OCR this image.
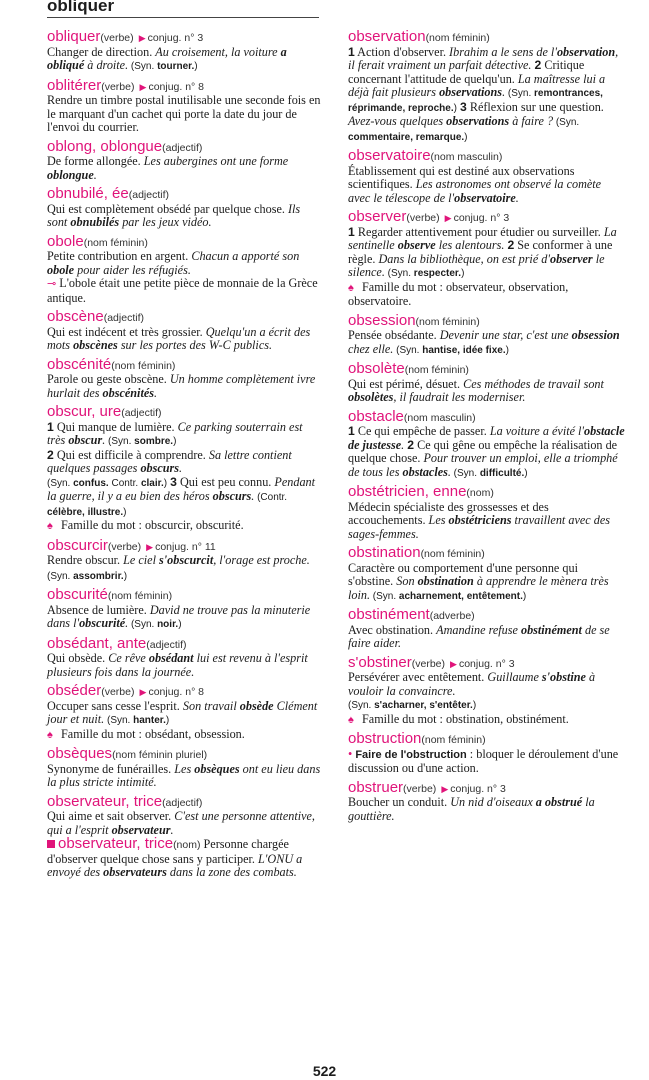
obliquer
obliquer(verbe) ▶ conjug. n° 3
Changer de direction. Au croisement, la voiture a obliqué à droite. (Syn. tourner.)
oblitérer(verbe) ▶ conjug. n° 8
Rendre un timbre postal inutilisable une seconde fois en le marquant d'un cachet qui porte la date du jour de l'envoi du courrier.
oblong, oblongue(adjectif)
De forme allongée. Les aubergines ont une forme oblongue.
obnubilé, ée(adjectif)
Qui est complètement obsédé par quelque chose. Ils sont obnubilés par les jeux vidéo.
obole(nom féminin)
Petite contribution en argent. Chacun a apporté son obole pour aider les réfugiés.
⊸ L'obole était une petite pièce de monnaie de la Grèce antique.
obscène(adjectif)
Qui est indécent et très grossier. Quelqu'un a écrit des mots obscènes sur les portes des W-C publics.
obscénité(nom féminin)
Parole ou geste obscène. Un homme complètement ivre hurlait des obscénités.
obscur, ure(adjectif)
1 Qui manque de lumière. Ce parking souterrain est très obscur. (Syn. sombre.)
2 Qui est difficile à comprendre. Sa lettre contient quelques passages obscurs.
(Syn. confus. Contr. clair.) 3 Qui est peu connu. Pendant la guerre, il y a eu bien des héros obscurs. (Contr. célèbre, illustre.)
♠ Famille du mot : obscurcir, obscurité.
obscurcir(verbe) ▶ conjug. n° 11
Rendre obscur. Le ciel s'obscurcit, l'orage est proche. (Syn. assombrir.)
obscurité(nom féminin)
Absence de lumière. David ne trouve pas la minuterie dans l'obscurité. (Syn. noir.)
obsédant, ante(adjectif)
Qui obsède. Ce rêve obsédant lui est revenu à l'esprit plusieurs fois dans la journée.
obséder(verbe) ▶ conjug. n° 8
Occuper sans cesse l'esprit. Son travail obsède Clément jour et nuit. (Syn. hanter.)
♠ Famille du mot : obsédant, obsession.
obsèques(nom féminin pluriel)
Synonyme de funérailles. Les obsèques ont eu lieu dans la plus stricte intimité.
observateur, trice(adjectif)
Qui aime et sait observer. C'est une personne attentive, qui a l'esprit observateur.
observateur, trice(nom) Personne chargée d'observer quelque chose sans y participer. L'ONU a envoyé des observateurs dans la zone des combats.
observation(nom féminin)
1 Action d'observer. Ibrahim a le sens de l'observation, il ferait vraiment un parfait détective. 2 Critique concernant l'attitude de quelqu'un. La maîtresse lui a déjà fait plusieurs observations. (Syn. remontrances, réprimande, reproche.) 3 Réflexion sur une question. Avez-vous quelques observations à faire ? (Syn. commentaire, remarque.)
observatoire(nom masculin)
Établissement qui est destiné aux observations scientifiques. Les astronomes ont observé la comète avec le télescope de l'observatoire.
observer(verbe) ▶ conjug. n° 3
1 Regarder attentivement pour étudier ou surveiller. La sentinelle observe les alentours. 2 Se conformer à une règle. Dans la bibliothèque, on est prié d'observer le silence. (Syn. respecter.)
♠ Famille du mot : observateur, observation, observatoire.
obsession(nom féminin)
Pensée obsédante. Devenir une star, c'est une obsession chez elle. (Syn. hantise, idée fixe.)
obsolète(nom féminin)
Qui est périmé, désuet. Ces méthodes de travail sont obsolètes, il faudrait les moderniser.
obstacle(nom masculin)
1 Ce qui empêche de passer. La voiture a évité l'obstacle de justesse. 2 Ce qui gêne ou empêche la réalisation de quelque chose. Pour trouver un emploi, elle a triomphé de tous les obstacles. (Syn. difficulté.)
obstétricien, enne(nom)
Médecin spécialiste des grossesses et des accouchements. Les obstétriciens travaillent avec des sages-femmes.
obstination(nom féminin)
Caractère ou comportement d'une personne qui s'obstine. Son obstination à apprendre le mènera très loin. (Syn. acharnement, entêtement.)
obstinément(adverbe)
Avec obstination. Amandine refuse obstinément de se faire aider.
s'obstiner(verbe) ▶ conjug. n° 3
Persévérer avec entêtement. Guillaume s'obstine à vouloir la convaincre.
(Syn. s'acharner, s'entêter.)
♠ Famille du mot : obstination, obstinément.
obstruction(nom féminin)
• Faire de l'obstruction : bloquer le déroulement d'une discussion ou d'une action.
obstruer(verbe) ▶ conjug. n° 3
Boucher un conduit. Un nid d'oiseaux a obstrué la gouttière.
522
